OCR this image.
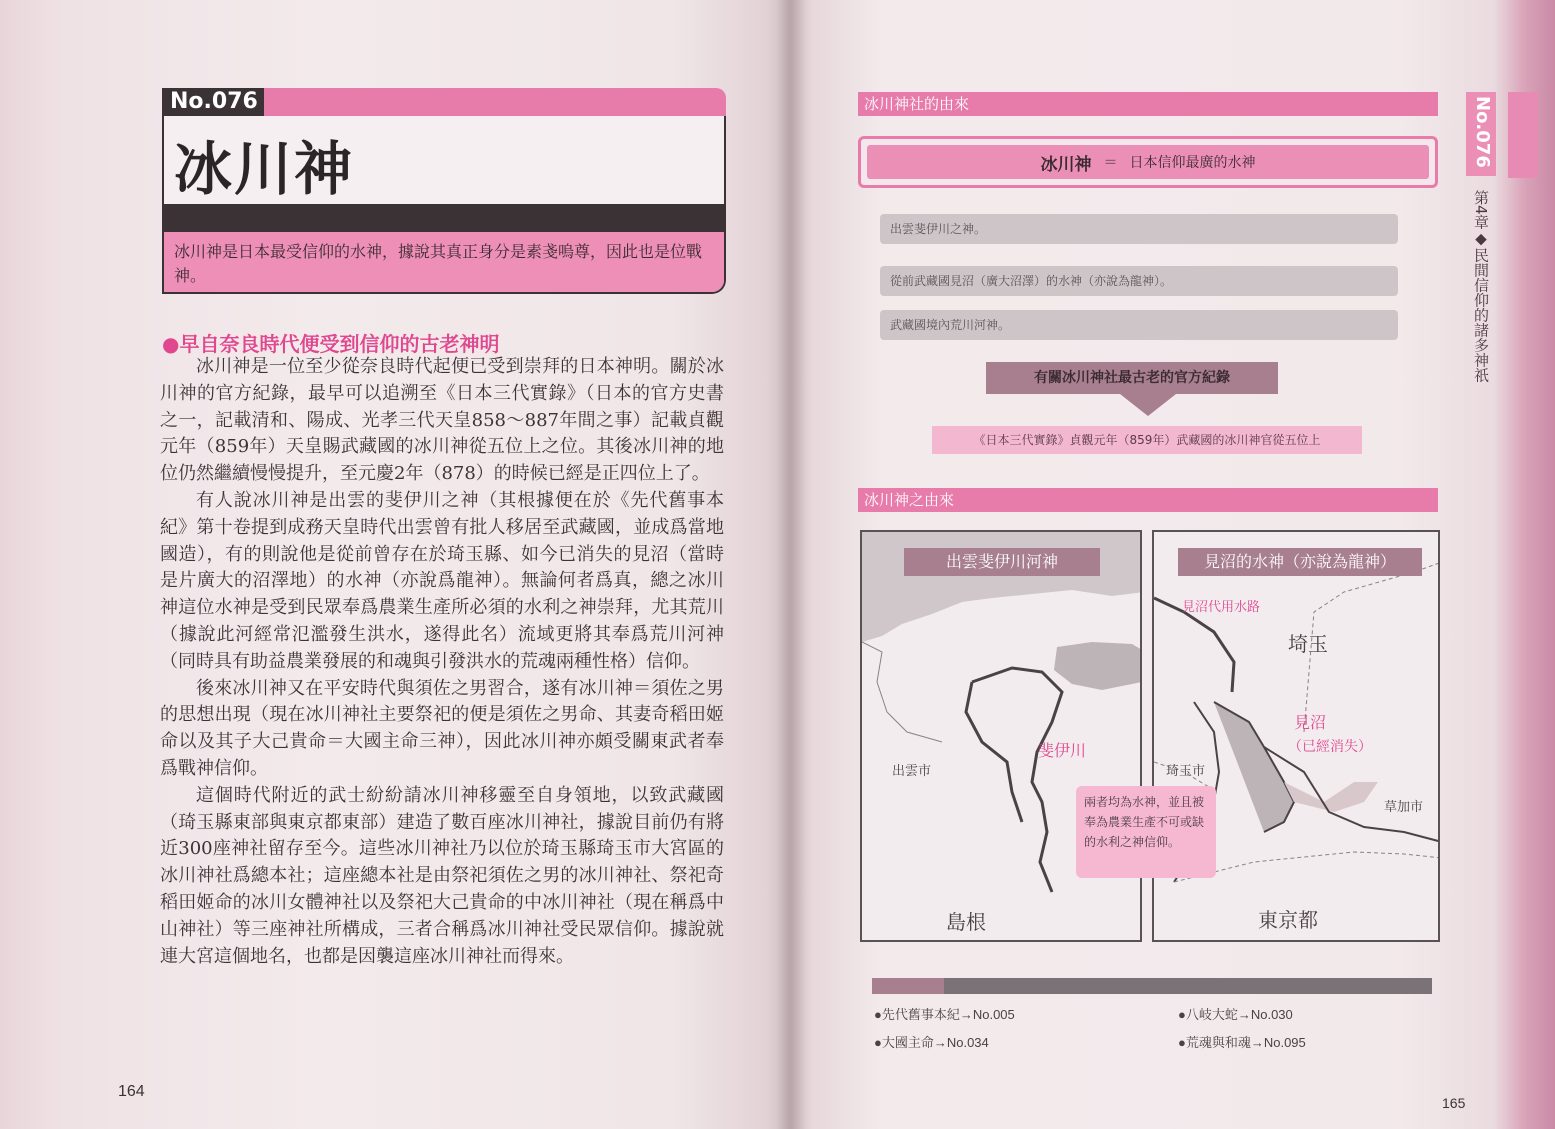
No.076
冰川神
冰川神是日本最受信仰的水神，據說其真正身分是素戔嗚尊，因此也是位戰神。
●早自奈良時代便受到信仰的古老神明

冰川神是一位至少從奈良時代起便已受到崇拜的日本神明。關於冰川神的官方紀錄，最早可以追溯至《日本三代實錄》（日本的官方史書之一，記載清和、陽成、光孝三代天皇858～887年間之事）記載貞觀元年（859年）天皇賜武藏國的冰川神從五位上之位。其後冰川神的地位仍然繼續慢慢提升，至元慶2年（878）的時候已經是正四位上了。

有人說冰川神是出雲的斐伊川之神（其根據便在於《先代舊事本紀》第十卷提到成務天皇時代出雲曾有批人移居至武藏國，並成爲當地國造），有的則說他是從前曾存在於琦玉縣、如今已消失的見沼（當時是片廣大的沼澤地）的水神（亦說爲龍神）。無論何者爲真，總之冰川神這位水神是受到民眾奉爲農業生產所必須的水利之神崇拜，尤其荒川（據說此河經常氾濫發生洪水，遂得此名）流域更將其奉爲荒川河神（同時具有助益農業發展的和魂與引發洪水的荒魂兩種性格）信仰。

後來冰川神又在平安時代與須佐之男習合，遂有冰川神＝須佐之男的思想出現（現在冰川神社主要祭祀的便是須佐之男命、其妻奇稻田姬命以及其子大己貴命＝大國主命三神），因此冰川神亦頗受關東武者奉爲戰神信仰。

這個時代附近的武士紛紛請冰川神移靈至自身領地，以致武藏國（琦玉縣東部與東京都東部）建造了數百座冰川神社，據說目前仍有將近300座神社留存至今。這些冰川神社乃以位於琦玉縣琦玉市大宮區的冰川神社爲總本社；這座總本社是由祭祀須佐之男的冰川神社、祭祀奇稻田姬命的冰川女體神社以及祭祀大己貴命的中冰川神社（現在稱爲中山神社）等三座神社所構成，三者合稱爲冰川神社受民眾信仰。據說就連大宮這個地名，也都是因襲這座冰川神社而得來。

164
冰川神社的由來
冰川神 ＝ 日本信仰最廣的水神
出雲斐伊川之神。
從前武藏國見沼（廣大沼澤）的水神（亦說為龍神）。
武藏國境內荒川河神。
有關冰川神社最古老的官方紀錄
《日本三代實錄》貞觀元年（859年）武藏國的冰川神官從五位上
冰川神之由來
出雲斐伊川河神
斐伊川
出雲市
島根
見沼的水神（亦說為龍神）
見沼代用水路
埼玉
見沼
（已經消失）
琦玉市
草加市
東京都
兩者均為水神，並且被奉為農業生產不可或缺的水利之神信仰。
●先代舊事本紀→No.005	●八岐大蛇→No.030
●大國主命→No.034	●荒魂與和魂→No.095
165
No.076
第4章◆民間信仰的諸多神祇
